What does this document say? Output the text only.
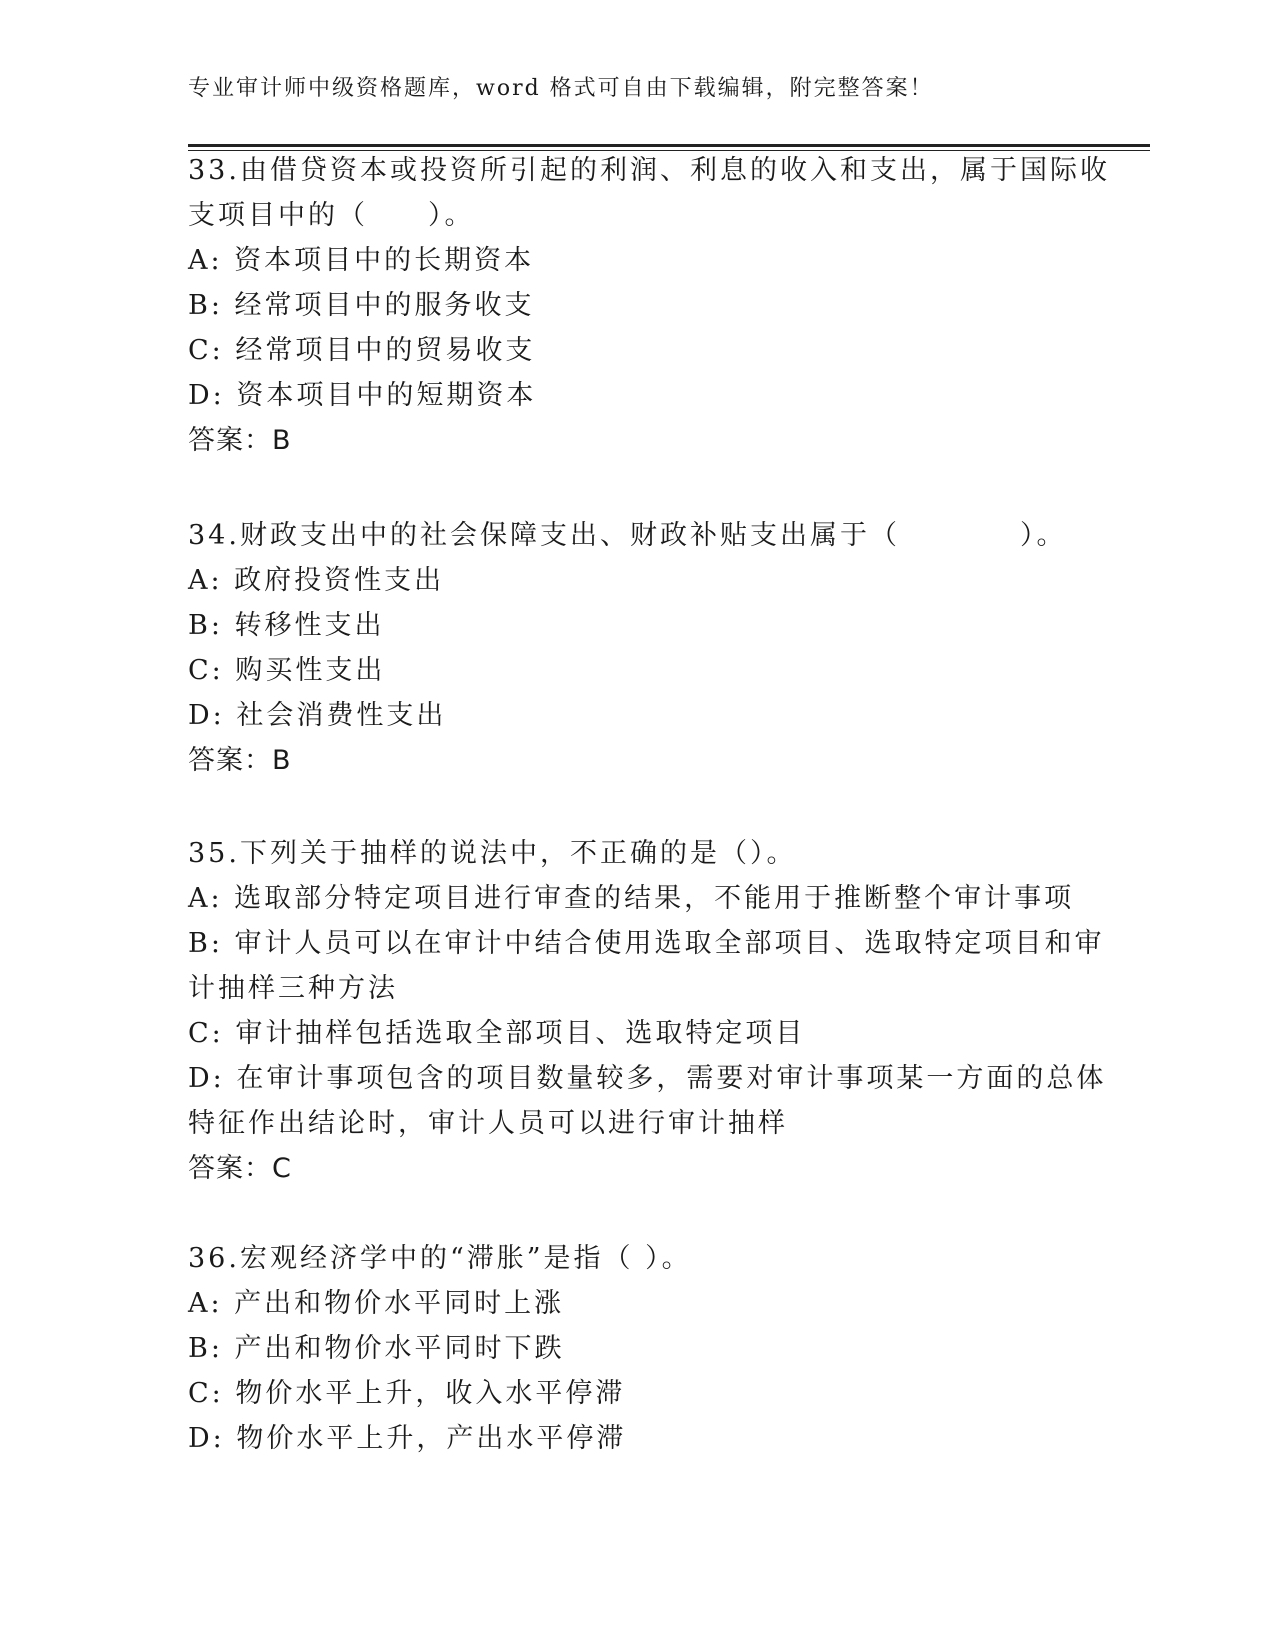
专业审计师中级资格题库，word 格式可自由下载编辑，附完整答案！
33.由借贷资本或投资所引起的利润、利息的收入和支出，属于国际收
支项目中的（　　）。
A: 资本项目中的长期资本
B: 经常项目中的服务收支
C: 经常项目中的贸易收支
D: 资本项目中的短期资本
答案：B
34.财政支出中的社会保障支出、财政补贴支出属于（　　　　）。
A: 政府投资性支出
B: 转移性支出
C: 购买性支出
D: 社会消费性支出
答案：B
35.下列关于抽样的说法中，不正确的是（）。
A: 选取部分特定项目进行审查的结果，不能用于推断整个审计事项
B: 审计人员可以在审计中结合使用选取全部项目、选取特定项目和审
计抽样三种方法
C: 审计抽样包括选取全部项目、选取特定项目
D: 在审计事项包含的项目数量较多，需要对审计事项某一方面的总体
特征作出结论时，审计人员可以进行审计抽样
答案：C
36.宏观经济学中的“滞胀”是指（ ）。
A: 产出和物价水平同时上涨
B: 产出和物价水平同时下跌
C: 物价水平上升，收入水平停滞
D: 物价水平上升，产出水平停滞
